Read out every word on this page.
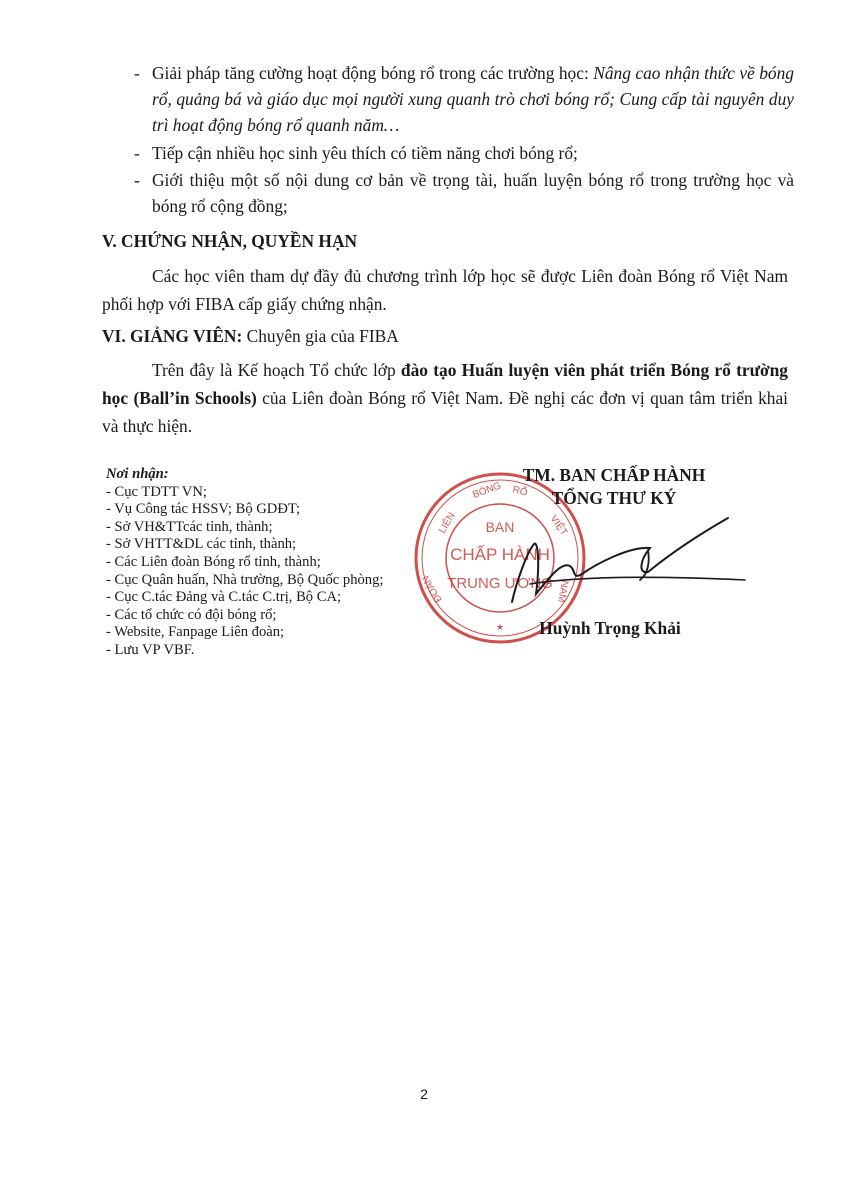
- Giải pháp tăng cường hoạt động bóng rổ trong các trường học: Nâng cao nhận thức về bóng rổ, quảng bá và giáo dục mọi người xung quanh trò chơi bóng rổ; Cung cấp tài nguyên duy trì hoạt động bóng rổ quanh năm…
- Tiếp cận nhiều học sinh yêu thích có tiềm năng chơi bóng rổ;
- Giới thiệu một số nội dung cơ bản về trọng tài, huấn luyện bóng rổ trong trường học và bóng rổ cộng đồng;
V. CHỨNG NHẬN, QUYỀN HẠN
Các học viên tham dự đầy đủ chương trình lớp học sẽ được Liên đoàn Bóng rổ Việt Nam phối hợp với FIBA cấp giấy chứng nhận.
VI. GIẢNG VIÊN: Chuyên gia của FIBA
Trên đây là Kế hoạch Tổ chức lớp đào tạo Huấn luyện viên phát triển Bóng rổ trường học (Ball’in Schools) của Liên đoàn Bóng rổ Việt Nam. Đề nghị các đơn vị quan tâm triển khai và thực hiện.
Nơi nhận:
- Cục TDTT VN;
- Vụ Công tác HSSV; Bộ GDĐT;
- Sở VH&TTcác tỉnh, thành;
- Sở VHTT&DL các tỉnh, thành;
- Các Liên đoàn Bóng rổ tỉnh, thành;
- Cục Quân huấn, Nhà trường, Bộ Quốc phòng;
- Cục C.tác Đảng và C.tác C.trị, Bộ CA;
- Các tổ chức có đội bóng rổ;
- Website, Fanpage Liên đoàn;
- Lưu VP VBF.
BAN
CHẤP HÀNH
TRUNG ƯƠNG
LIÊN
BÓNG RỔ
VIỆT
NAM
ĐOÀN
★
TM. BAN CHẤP HÀNH
TỔNG THƯ KÝ
Huỳnh Trọng Khải
2
